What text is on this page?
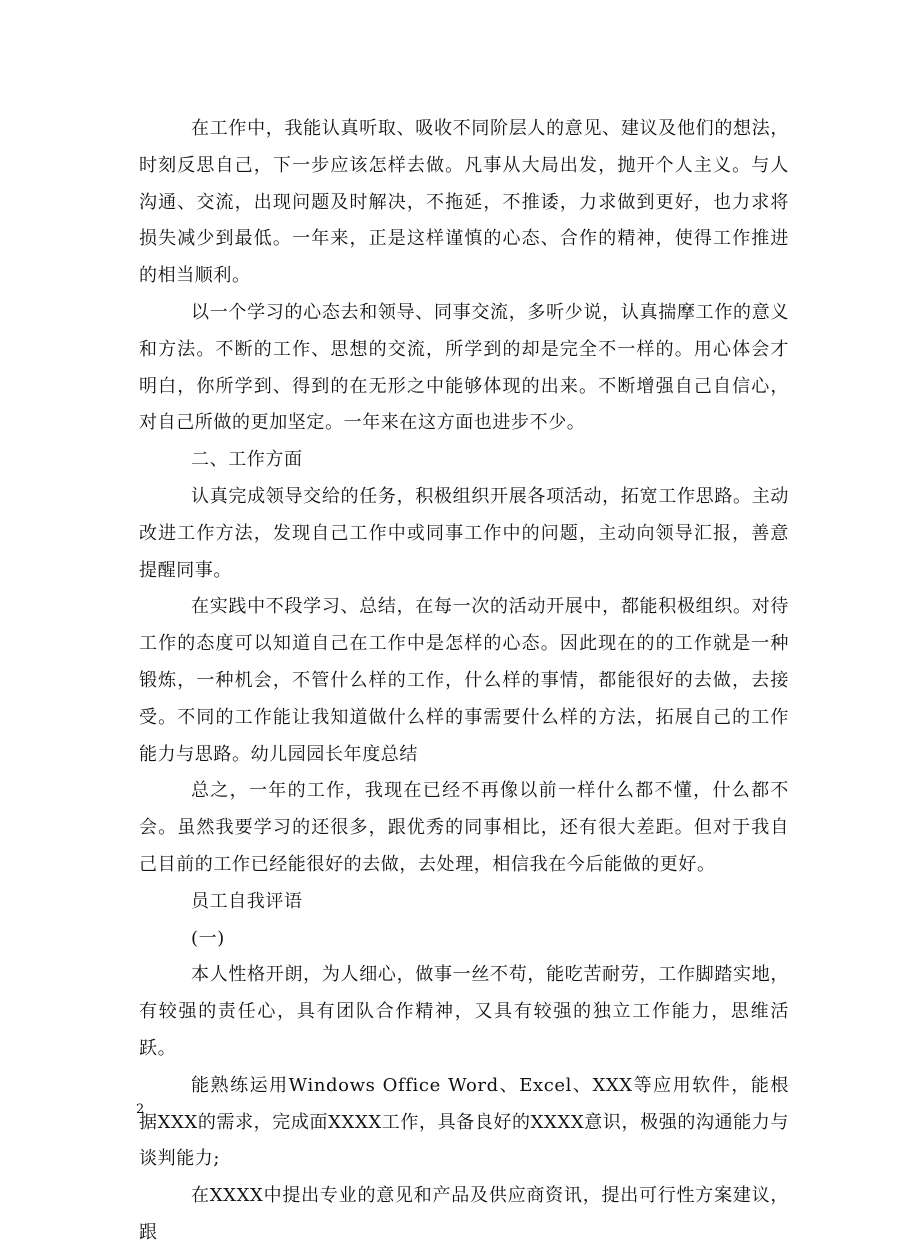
在工作中，我能认真听取、吸收不同阶层人的意见、建议及他们的想法，时刻反思自己，下一步应该怎样去做。凡事从大局出发，抛开个人主义。与人沟通、交流，出现问题及时解决，不拖延，不推诿，力求做到更好，也力求将损失减少到最低。一年来，正是这样谨慎的心态、合作的精神，使得工作推进的相当顺利。

以一个学习的心态去和领导、同事交流，多听少说，认真揣摩工作的意义和方法。不断的工作、思想的交流，所学到的却是完全不一样的。用心体会才明白，你所学到、得到的在无形之中能够体现的出来。不断增强自己自信心，对自己所做的更加坚定。一年来在这方面也进步不少。

二、工作方面

认真完成领导交给的任务，积极组织开展各项活动，拓宽工作思路。主动改进工作方法，发现自己工作中或同事工作中的问题，主动向领导汇报，善意提醒同事。

在实践中不段学习、总结，在每一次的活动开展中，都能积极组织。对待工作的态度可以知道自己在工作中是怎样的心态。因此现在的的工作就是一种锻炼，一种机会，不管什么样的工作，什么样的事情，都能很好的去做，去接受。不同的工作能让我知道做什么样的事需要什么样的方法，拓展自己的工作能力与思路。幼儿园园长年度总结

总之，一年的工作，我现在已经不再像以前一样什么都不懂，什么都不会。虽然我要学习的还很多，跟优秀的同事相比，还有很大差距。但对于我自己目前的工作已经能很好的去做，去处理，相信我在今后能做的更好。

员工自我评语

(一)

本人性格开朗，为人细心，做事一丝不苟，能吃苦耐劳，工作脚踏实地，有较强的责任心，具有团队合作精神，又具有较强的独立工作能力，思维活跃。

能熟练运用Windows Office Word、Excel、XXX等应用软件，能根据XXX的需求，完成面XXXX工作，具备良好的XXXX意识，极强的沟通能力与谈判能力;

在XXXX中提出专业的意见和产品及供应商资讯，提出可行性方案建议，跟

2
